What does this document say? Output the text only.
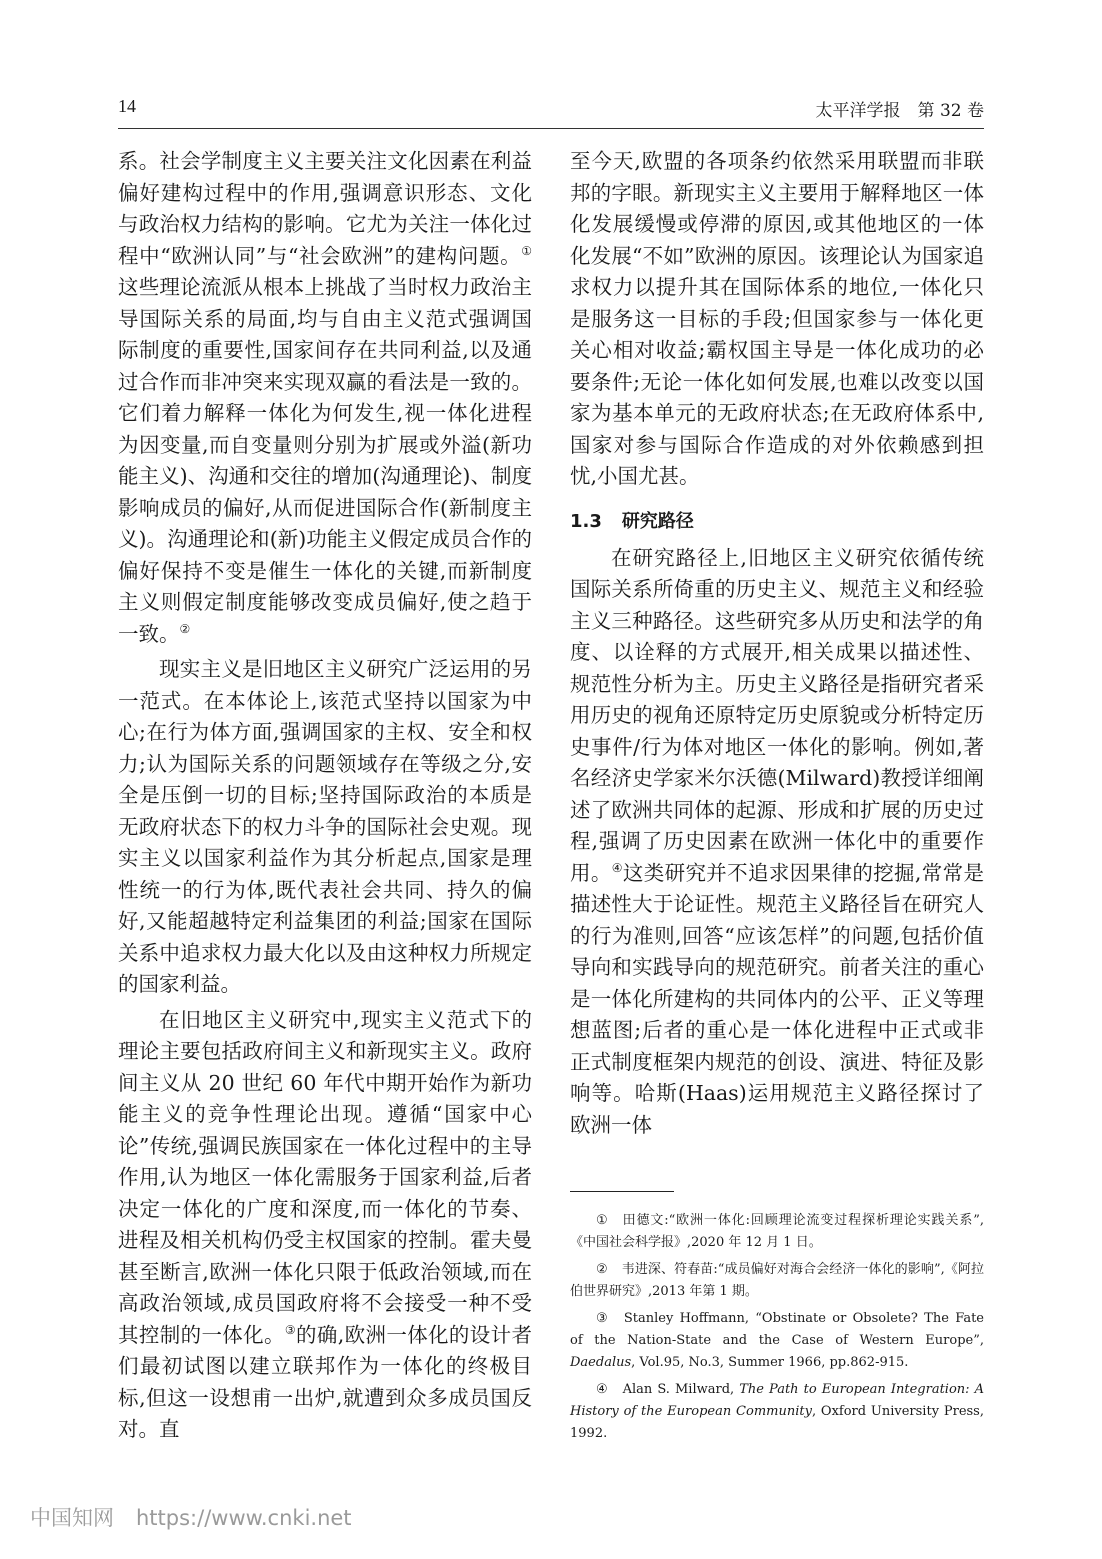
14	太平洋学报　第 32 卷

系。社会学制度主义主要关注文化因素在利益偏好建构过程中的作用,强调意识形态、文化与政治权力结构的影响。它尤为关注一体化过程中“欧洲认同”与“社会欧洲”的建构问题。①这些理论流派从根本上挑战了当时权力政治主导国际关系的局面,均与自由主义范式强调国际制度的重要性,国家间存在共同利益,以及通过合作而非冲突来实现双赢的看法是一致的。它们着力解释一体化为何发生,视一体化进程为因变量,而自变量则分别为扩展或外溢(新功能主义)、沟通和交往的增加(沟通理论)、制度影响成员的偏好,从而促进国际合作(新制度主义)。沟通理论和(新)功能主义假定成员合作的偏好保持不变是催生一体化的关键,而新制度主义则假定制度能够改变成员偏好,使之趋于一致。②

现实主义是旧地区主义研究广泛运用的另一范式。在本体论上,该范式坚持以国家为中心;在行为体方面,强调国家的主权、安全和权力;认为国际关系的问题领域存在等级之分,安全是压倒一切的目标;坚持国际政治的本质是无政府状态下的权力斗争的国际社会史观。现实主义以国家利益作为其分析起点,国家是理性统一的行为体,既代表社会共同、持久的偏好,又能超越特定利益集团的利益;国家在国际关系中追求权力最大化以及由这种权力所规定的国家利益。

在旧地区主义研究中,现实主义范式下的理论主要包括政府间主义和新现实主义。政府间主义从 20 世纪 60 年代中期开始作为新功能主义的竞争性理论出现。遵循“国家中心论”传统,强调民族国家在一体化过程中的主导作用,认为地区一体化需服务于国家利益,后者决定一体化的广度和深度,而一体化的节奏、进程及相关机构仍受主权国家的控制。霍夫曼甚至断言,欧洲一体化只限于低政治领域,而在高政治领域,成员国政府将不会接受一种不受其控制的一体化。③的确,欧洲一体化的设计者们最初试图以建立联邦作为一体化的终极目标,但这一设想甫一出炉,就遭到众多成员国反对。直

至今天,欧盟的各项条约依然采用联盟而非联邦的字眼。新现实主义主要用于解释地区一体化发展缓慢或停滞的原因,或其他地区的一体化发展“不如”欧洲的原因。该理论认为国家追求权力以提升其在国际体系的地位,一体化只是服务这一目标的手段;但国家参与一体化更关心相对收益;霸权国主导是一体化成功的必要条件;无论一体化如何发展,也难以改变以国家为基本单元的无政府状态;在无政府体系中,国家对参与国际合作造成的对外依赖感到担忧,小国尤甚。

1.3 研究路径

在研究路径上,旧地区主义研究依循传统国际关系所倚重的历史主义、规范主义和经验主义三种路径。这些研究多从历史和法学的角度、以诠释的方式展开,相关成果以描述性、规范性分析为主。历史主义路径是指研究者采用历史的视角还原特定历史原貌或分析特定历史事件/行为体对地区一体化的影响。例如,著名经济史学家米尔沃德(Milward)教授详细阐述了欧洲共同体的起源、形成和扩展的历史过程,强调了历史因素在欧洲一体化中的重要作用。④这类研究并不追求因果律的挖掘,常常是描述性大于论证性。规范主义路径旨在研究人的行为准则,回答“应该怎样”的问题,包括价值导向和实践导向的规范研究。前者关注的重心是一体化所建构的共同体内的公平、正义等理想蓝图;后者的重心是一体化进程中正式或非正式制度框架内规范的创设、演进、特征及影响等。哈斯(Haas)运用规范主义路径探讨了欧洲一体

① 田德文:“欧洲一体化:回顾理论流变过程探析理论实践关系”,《中国社会科学报》,2020 年 12 月 1 日。

② 韦进深、符春苗:“成员偏好对海合会经济一体化的影响”,《阿拉伯世界研究》,2013 年第 1 期。

③ Stanley Hoffmann, “Obstinate or Obsolete? The Fate of the Nation-State and the Case of Western Europe”, Daedalus, Vol.95, No.3, Summer 1966, pp.862-915.

④ Alan S. Milward, The Path to European Integration: A History of the European Community, Oxford University Press, 1992.

中国知网 https://www.cnki.net
